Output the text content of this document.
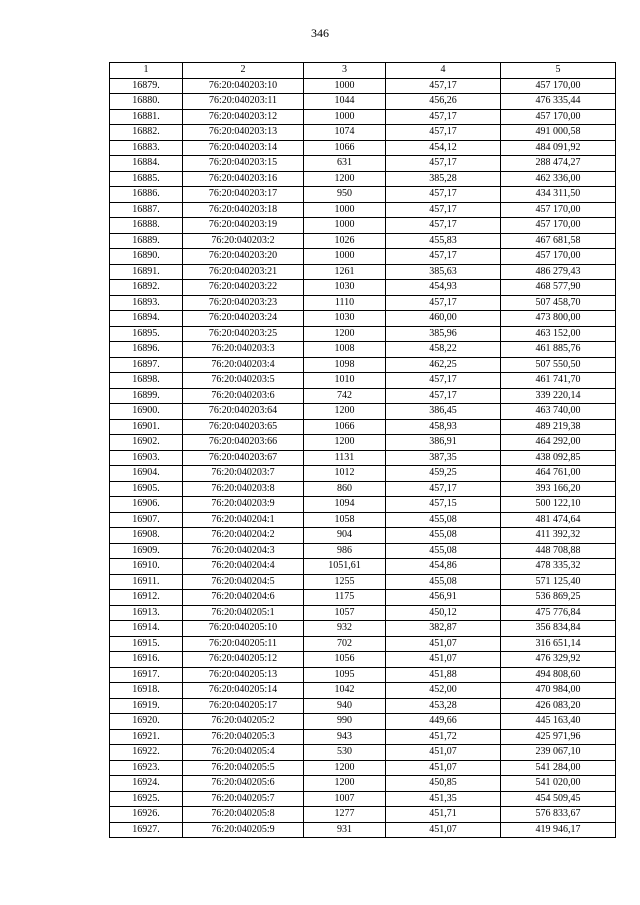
346
1	2	3	4	5
16879.	76:20:040203:10	1000	457,17	457 170,00
16880.	76:20:040203:11	1044	456,26	476 335,44
16881.	76:20:040203:12	1000	457,17	457 170,00
16882.	76:20:040203:13	1074	457,17	491 000,58
16883.	76:20:040203:14	1066	454,12	484 091,92
16884.	76:20:040203:15	631	457,17	288 474,27
16885.	76:20:040203:16	1200	385,28	462 336,00
16886.	76:20:040203:17	950	457,17	434 311,50
16887.	76:20:040203:18	1000	457,17	457 170,00
16888.	76:20:040203:19	1000	457,17	457 170,00
16889.	76:20:040203:2	1026	455,83	467 681,58
16890.	76:20:040203:20	1000	457,17	457 170,00
16891.	76:20:040203:21	1261	385,63	486 279,43
16892.	76:20:040203:22	1030	454,93	468 577,90
16893.	76:20:040203:23	1110	457,17	507 458,70
16894.	76:20:040203:24	1030	460,00	473 800,00
16895.	76:20:040203:25	1200	385,96	463 152,00
16896.	76:20:040203:3	1008	458,22	461 885,76
16897.	76:20:040203:4	1098	462,25	507 550,50
16898.	76:20:040203:5	1010	457,17	461 741,70
16899.	76:20:040203:6	742	457,17	339 220,14
16900.	76:20:040203:64	1200	386,45	463 740,00
16901.	76:20:040203:65	1066	458,93	489 219,38
16902.	76:20:040203:66	1200	386,91	464 292,00
16903.	76:20:040203:67	1131	387,35	438 092,85
16904.	76:20:040203:7	1012	459,25	464 761,00
16905.	76:20:040203:8	860	457,17	393 166,20
16906.	76:20:040203:9	1094	457,15	500 122,10
16907.	76:20:040204:1	1058	455,08	481 474,64
16908.	76:20:040204:2	904	455,08	411 392,32
16909.	76:20:040204:3	986	455,08	448 708,88
16910.	76:20:040204:4	1051,61	454,86	478 335,32
16911.	76:20:040204:5	1255	455,08	571 125,40
16912.	76:20:040204:6	1175	456,91	536 869,25
16913.	76:20:040205:1	1057	450,12	475 776,84
16914.	76:20:040205:10	932	382,87	356 834,84
16915.	76:20:040205:11	702	451,07	316 651,14
16916.	76:20:040205:12	1056	451,07	476 329,92
16917.	76:20:040205:13	1095	451,88	494 808,60
16918.	76:20:040205:14	1042	452,00	470 984,00
16919.	76:20:040205:17	940	453,28	426 083,20
16920.	76:20:040205:2	990	449,66	445 163,40
16921.	76:20:040205:3	943	451,72	425 971,96
16922.	76:20:040205:4	530	451,07	239 067,10
16923.	76:20:040205:5	1200	451,07	541 284,00
16924.	76:20:040205:6	1200	450,85	541 020,00
16925.	76:20:040205:7	1007	451,35	454 509,45
16926.	76:20:040205:8	1277	451,71	576 833,67
16927.	76:20:040205:9	931	451,07	419 946,17
